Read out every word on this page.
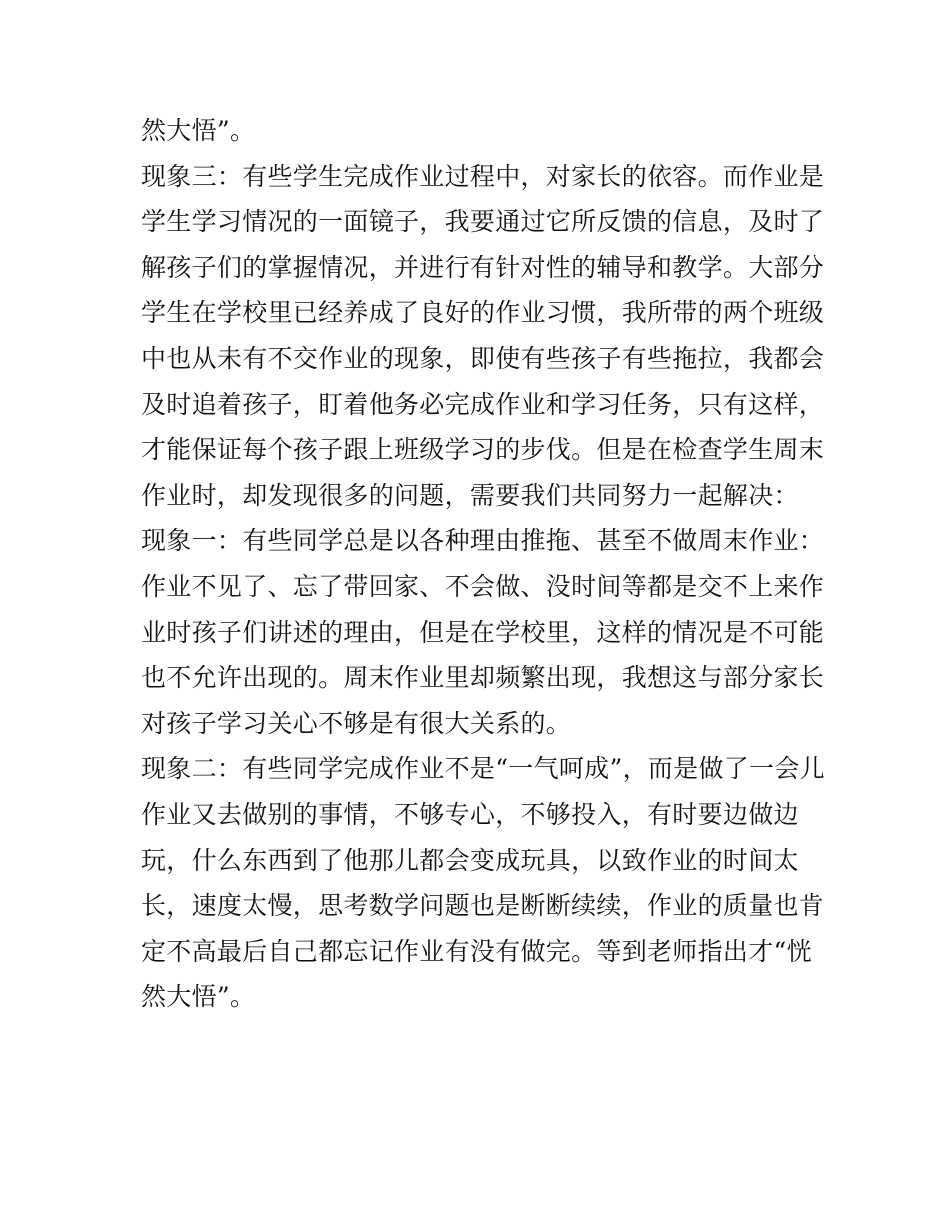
然大悟”。
现象三：有些学生完成作业过程中，对家长的依容。而作业是
学生学习情况的一面镜子，我要通过它所反馈的信息，及时了
解孩子们的掌握情况，并进行有针对性的辅导和教学。大部分
学生在学校里已经养成了良好的作业习惯，我所带的两个班级
中也从未有不交作业的现象，即使有些孩子有些拖拉，我都会
及时追着孩子，盯着他务必完成作业和学习任务，只有这样，
才能保证每个孩子跟上班级学习的步伐。但是在检查学生周末
作业时，却发现很多的问题，需要我们共同努力一起解决：
现象一：有些同学总是以各种理由推拖、甚至不做周末作业：
作业不见了、忘了带回家、不会做、没时间等都是交不上来作
业时孩子们讲述的理由，但是在学校里，这样的情况是不可能
也不允许出现的。周末作业里却频繁出现，我想这与部分家长
对孩子学习关心不够是有很大关系的。
现象二：有些同学完成作业不是“一气呵成”，而是做了一会儿
作业又去做别的事情，不够专心，不够投入，有时要边做边
玩，什么东西到了他那儿都会变成玩具，以致作业的时间太
长，速度太慢，思考数学问题也是断断续续，作业的质量也肯
定不高最后自己都忘记作业有没有做完。等到老师指出才“恍
然大悟”。
